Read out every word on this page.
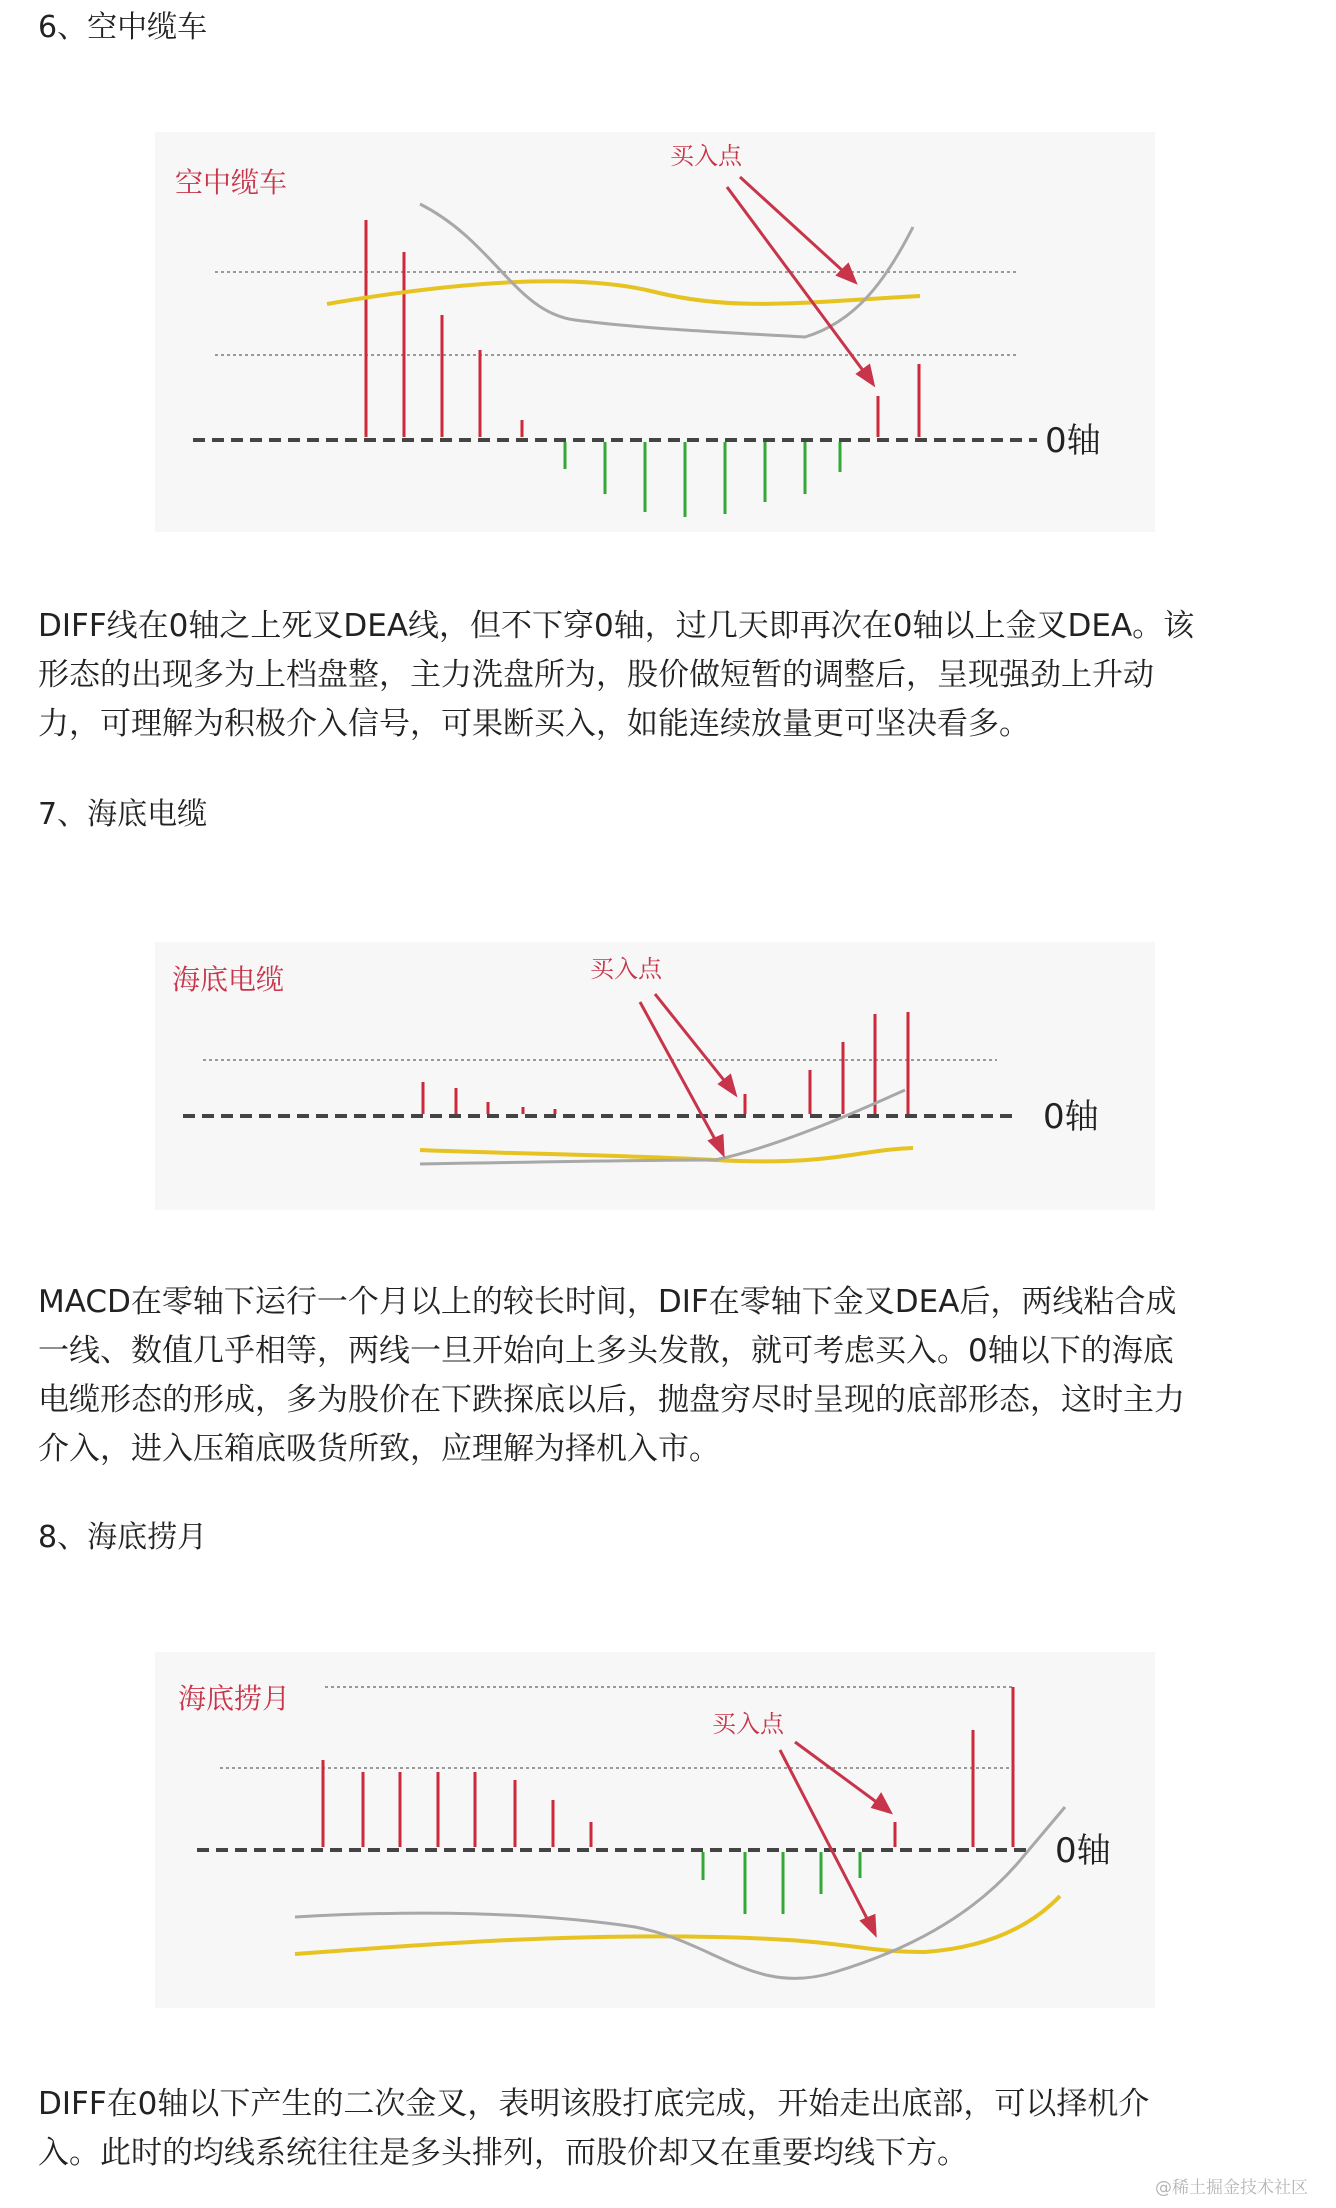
6、空中缆车
空中缆车
买入点
0轴
DIFF线在0轴之上死叉DEA线，但不下穿0轴，过几天即再次在0轴以上金叉DEA。该
形态的出现多为上档盘整，主力洗盘所为，股价做短暂的调整后，呈现强劲上升动
力，可理解为积极介入信号，可果断买入，如能连续放量更可坚决看多。
7、海底电缆
海底电缆	买入点
0轴
MACD在零轴下运行一个月以上的较长时间，DIF在零轴下金叉DEA后，两线粘合成
一线、数值几乎相等，两线一旦开始向上多头发散，就可考虑买入。0轴以下的海底
电缆形态的形成，多为股价在下跌探底以后，抛盘穷尽时呈现的底部形态，这时主力
介入，进入压箱底吸货所致，应理解为择机入市。
8、海底捞月
海底捞月
买入点
0轴
DIFF在0轴以下产生的二次金叉，表明该股打底完成，开始走出底部，可以择机介
入。此时的均线系统往往是多头排列，而股价却又在重要均线下方。
@稀土掘金技术社区
